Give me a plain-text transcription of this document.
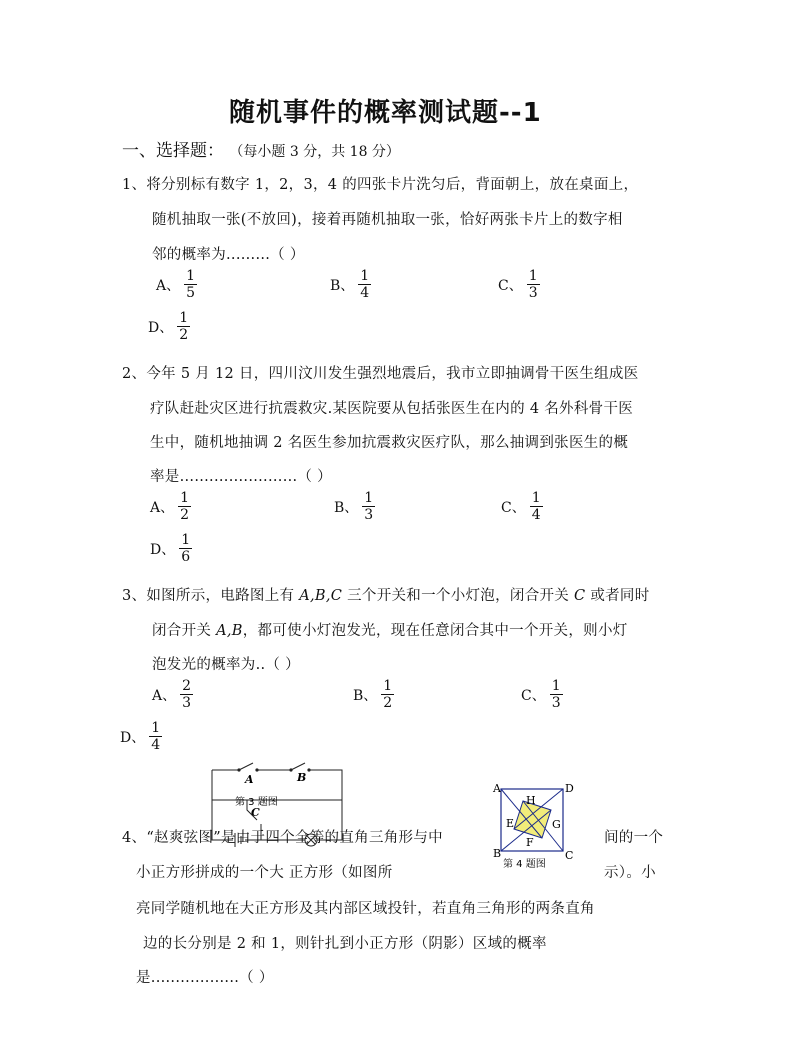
随机事件的概率测试题--1
一、选择题： （每小题 3 分，共 18 分）
1、将分别标有数字 1，2，3，4 的四张卡片洗匀后，背面朝上，放在桌面上，
随机抽取一张(不放回)，接着再随机抽取一张，恰好两张卡片上的数字相
邻的概率为.........（ ）
A、 $\frac{1}{5}$	B、 $\frac{1}{4}$	C、 $\frac{1}{3}$
D、 $\frac{1}{2}$
2、今年 5 月 12 日，四川汶川发生强烈地震后，我市立即抽调骨干医生组成医
疗队赶赴灾区进行抗震救灾.某医院要从包括张医生在内的 4 名外科骨干医
生中，随机地抽调 2 名医生参加抗震救灾医疗队，那么抽调到张医生的概
率是........................（ ）
A、 $\frac{1}{2}$	B、 $\frac{1}{3}$	C、 $\frac{1}{4}$
D、 $\frac{1}{6}$
3、如图所示，电路图上有 A,B,C 三个开关和一个小灯泡，闭合开关 C 或者同时
闭合开关 A,B，都可使小灯泡发光，现在任意闭合其中一个开关，则小灯
泡发光的概率为..（ ）
A、 $\frac{2}{3}$	B、 $\frac{1}{2}$	C、 $\frac{1}{3}$
D、 $\frac{1}{4}$
A	B
C
第 3 题图
A	D
B	C
H
E	G
F
第 4 题图
4、“赵爽弦图”是由于四个全等的直角三角形与中	间的一个
小正方形拼成的一个大 正方形（如图所	示）。小
亮同学随机地在大正方形及其内部区域投针，若直角三角形的两条直角
边的长分别是 2 和 1，则针扎到小正方形（阴影）区域的概率
是..................（ ）
